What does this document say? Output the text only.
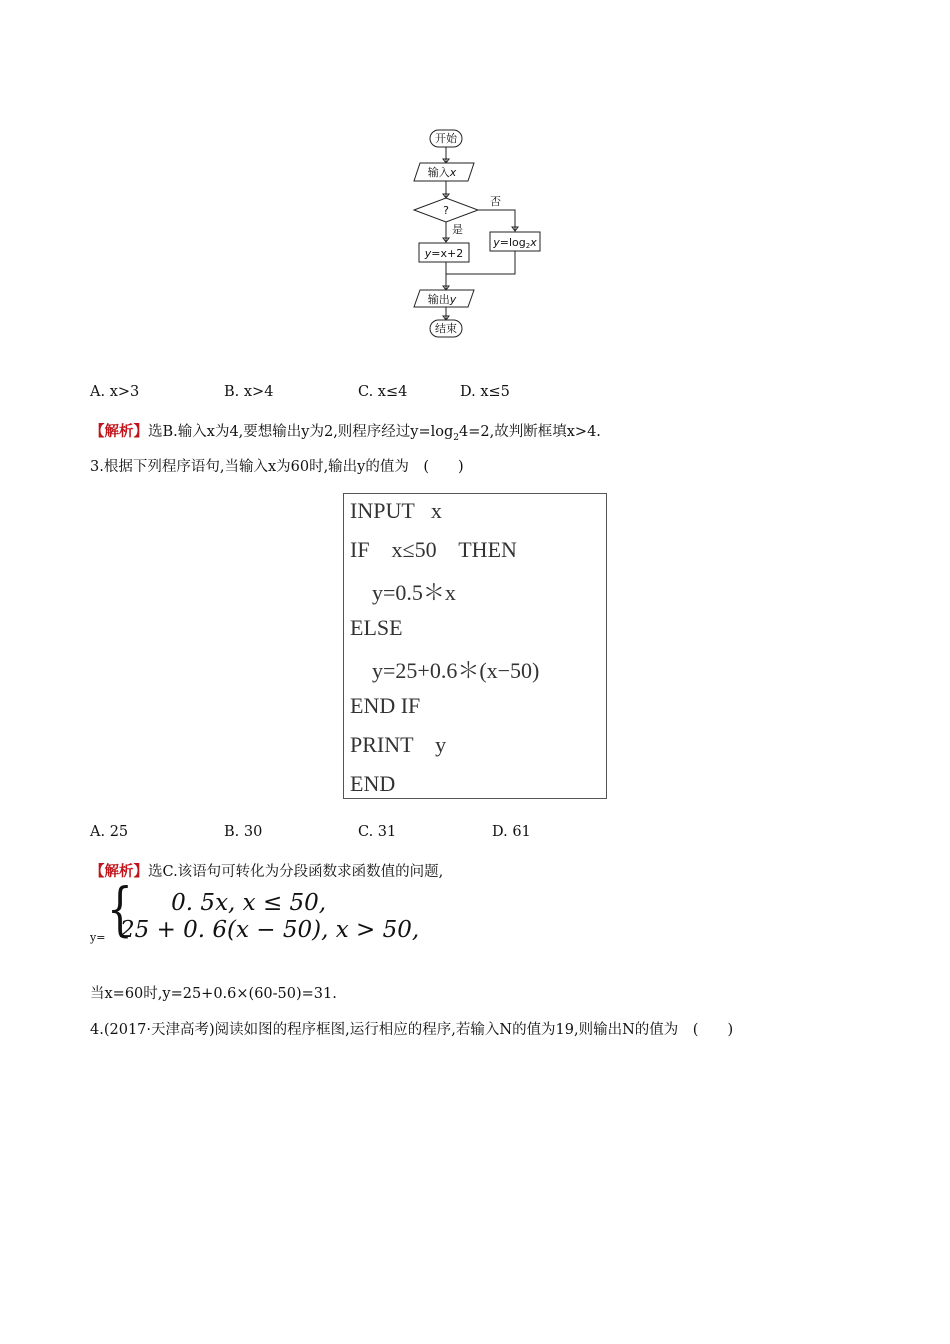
开始
输入x
?
否
y=log2x
是
y=x+2
输出y
结束
A. x>3	B. x>4	C. x≤4	D. x≤5
【解析】选B.输入x为4,要想输出y为2,则程序经过$y=\log_24=2$,故判断框填x>4.
3.根据下列程序语句,当输入x为60时,输出y的值为　(　　)
INPUT   x
IF    x≤50    THEN
y=0.5＊x
ELSE
y=25+0.6＊(x−50)
END IF
PRINT    y
END
A. 25	B. 30	C. 31	D. 61
【解析】选C.该语句可转化为分段函数求函数值的问题,
y= {
0. 5x, x ≤ 50,
25 + 0. 6(x − 50), x > 50,
当x=60时,y=25+0.6×(60-50)=31.
4.(2017·天津高考)阅读如图的程序框图,运行相应的程序,若输入N的值为19,则输出N的值为　(　　)
